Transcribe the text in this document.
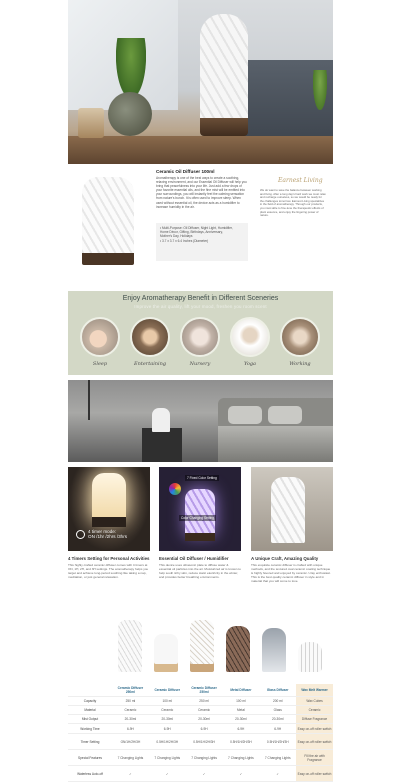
Ceramic Oil Diffuser 100ml
Aromatherapy is one of the best ways to create a soothing, relaxing environment, and our Essential Oil Diffuser will help you bring that peacefulness into your life. Just add a few drops of your favorite essential oils, and the fine mist will be emitted into your surroundings, you will instantly feel the calming sensation from nature's bunch. It is often used to improve sleep. When used without essential oil, the device acts as a humidifier to increase humidity in the air.
• Multi-Purpose: Oil Diffuser, Night Light, Humidifier,
Home Décor, Gifting, Birthdays, Anniversary,
Mother's Day, Holidays
• 3.7 x 3.7 x 6.4 Inches (Diameter)
Earnest Living
We do want to save the balance between working and living. After a long day's hard work we must relax and recharge ourselves, so we would be ready for the challenges tomorrow. Earnest Living specializes in the field of aromatherapy. Through our products, you must able to fine-tune the therapeutic effects of plant essence, and enjoy the lingering power of nature.
Enjoy Aromatherapy Benefit in Different Sceneries
Improve the air quality, lift your mood, freshen you room scent
Sleep	Entertaining	Nursery	Yoga	Working
4 timer mode:
ON /1hr /2hrs /3hrs
7 Fixed Color Setting
Color Changing Setting
4 Timers Setting for Personal Activities
This highly crafted ceramic diffuser comes with 4 timers at ON, 1H, 2H, and 3H settings. The aromatherapy helps you target and achieve long-period soothing like taking a nap, meditation, or just general relaxation.
Essential Oil Diffuser / Humidifier
This device uses ultrasonic plate to diffuse water & essential oil particles into the air. Moisturized air is known to help sooth itchy skin, reduce static electricity in the winter, and provides better breathing environments.
A Unique Craft, Amazing Quality
This exquisite ceramic diffuser is crafted with unique methods, and the textured oval ceramic coating technique is highly favored and enjoyed by ceramic / clay enthusiast. This is the best quality ceramic diffuser in style and in material that you will come to love.
	Ceramic Diffuser 250ml	Ceramic Diffuser	Ceramic Diffuser 250ml	Metal Diffuser	Glass Diffuser	Wax Melt Warmer
Capacity	250 ml	100 ml	250 ml	100 ml	200 ml	Wax Cubes
Material	Ceramic	Ceramic	Ceramic	Metal	Glass	Ceramic
Mist Output	20-30ml	20-30ml	20-30ml	20-30ml	20-30ml	Diffuse Fragrance
Working Time	6-9H	6-9H	6-9H	6-9H	6-9H	Easy on-off roller switch
Timer Setting	ON/1H/2H/3H	0.5H/1H/2H/3H	0.5H/1H/2H/3H	0.5H/1H/2H/3H	0.5H/1H/2H/3H	Easy on-off roller switch
Special Features	7 Changing Lights	7 Changing Lights	7 Changing Lights	7 Changing Lights	7 Changing Lights	Fill the air with Fragrance
Waterless Auto-off	✓	✓	✓	✓	✓	Easy on-off roller switch
